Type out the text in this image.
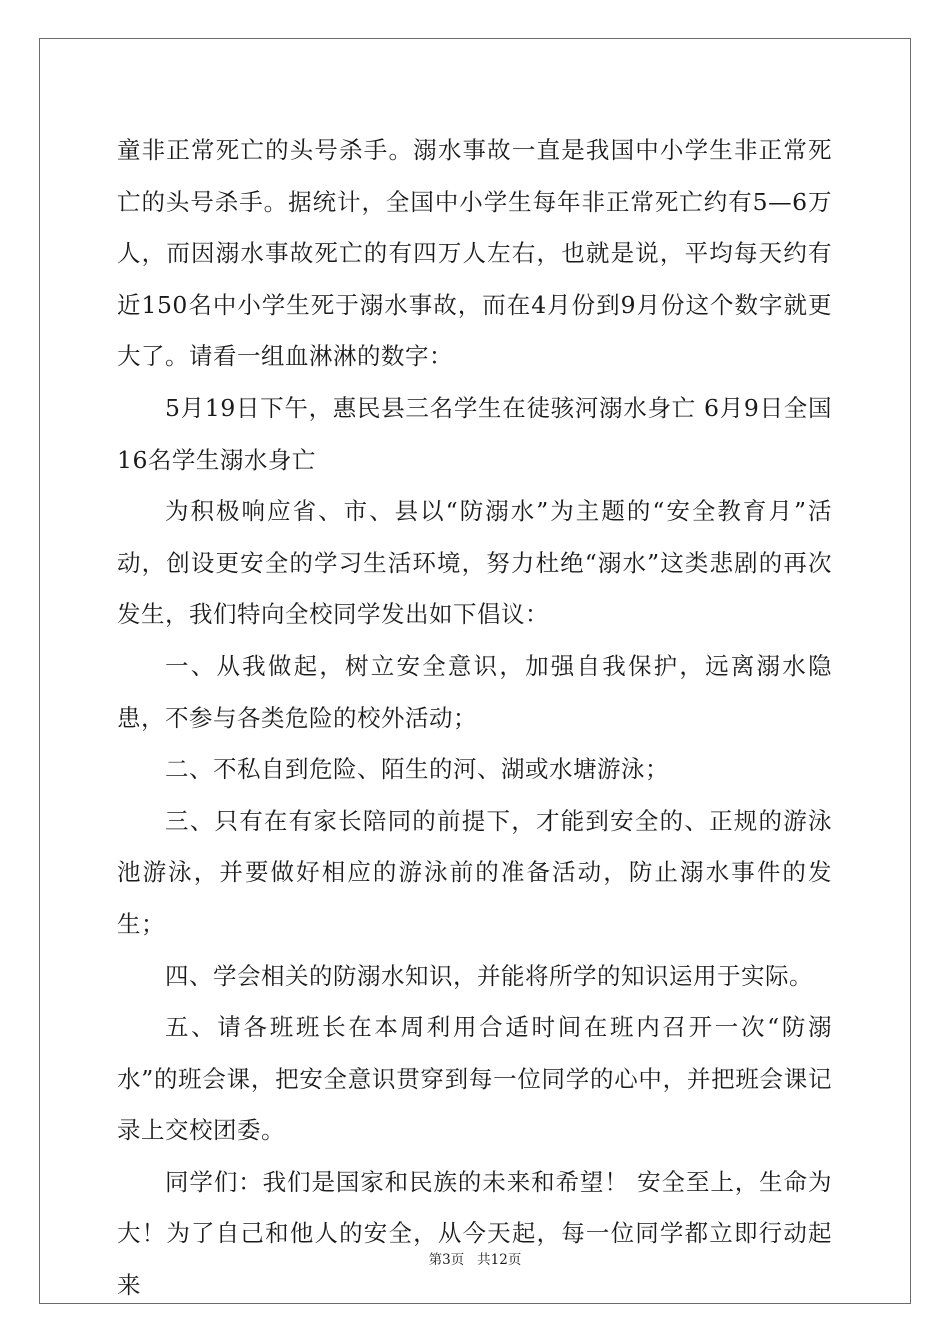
童非正常死亡的头号杀手。溺水事故一直是我国中小学生非正常死亡的头号杀手。据统计，全国中小学生每年非正常死亡约有5—6万人，而因溺水事故死亡的有四万人左右，也就是说，平均每天约有近150名中小学生死于溺水事故，而在4月份到9月份这个数字就更大了。请看一组血淋淋的数字：

5月19日下午，惠民县三名学生在徒骇河溺水身亡 6月9日全国16名学生溺水身亡

为积极响应省、市、县以“防溺水”为主题的“安全教育月”活动，创设更安全的学习生活环境，努力杜绝“溺水”这类悲剧的再次发生，我们特向全校同学发出如下倡议：

一、从我做起，树立安全意识，加强自我保护，远离溺水隐患，不参与各类危险的校外活动；

二、不私自到危险、陌生的河、湖或水塘游泳；

三、只有在有家长陪同的前提下，才能到安全的、正规的游泳池游泳，并要做好相应的游泳前的准备活动，防止溺水事件的发生；

四、学会相关的防溺水知识，并能将所学的知识运用于实际。

五、请各班班长在本周利用合适时间在班内召开一次“防溺水”的班会课，把安全意识贯穿到每一位同学的心中，并把班会课记录上交校团委。

同学们：我们是国家和民族的未来和希望！ 安全至上，生命为大！为了自己和他人的安全，从今天起，每一位同学都立即行动起来

第3页 共12页
